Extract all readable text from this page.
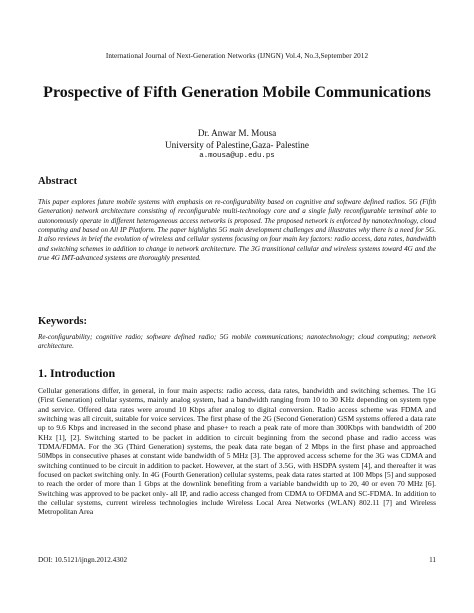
International Journal of Next-Generation Networks (IJNGN) Vol.4, No.3,September 2012
Prospective of Fifth Generation Mobile Communications
Dr. Anwar M. Mousa
University of Palestine,Gaza- Palestine
a.mousa@up.edu.ps
Abstract
This paper explores future mobile systems with emphasis on re-configurability based on cognitive and software defined radios. 5G (Fifth Generation) network architecture consisting of reconfigurable multi-technology core and a single fully reconfigurable terminal able to autonomously operate in different heterogeneous access networks is proposed. The proposed network is enforced by nanotechnology, cloud computing and based on All IP Platform. The paper highlights 5G main development challenges and illustrates why there is a need for 5G. It also reviews in brief the evolution of wireless and cellular systems focusing on four main key factors: radio access, data rates, bandwidth and switching schemes in addition to change in network architecture. The 3G transitional cellular and wireless systems toward 4G and the true 4G IMT-advanced systems are thoroughly presented.
Keywords:
Re-configurability; cognitive radio; software defined radio; 5G mobile communications; nanotechnology; cloud computing; network architecture.
1. Introduction
Cellular generations differ, in general, in four main aspects: radio access, data rates, bandwidth and switching schemes. The 1G (First Generation) cellular systems, mainly analog system, had a bandwidth ranging from 10 to 30 KHz depending on system type and service. Offered data rates were around 10 Kbps after analog to digital conversion. Radio access scheme was FDMA and switching was all circuit, suitable for voice services. The first phase of the 2G (Second Generation) GSM systems offered a data rate up to 9.6 Kbps and increased in the second phase and phase+ to reach a peak rate of more than 300Kbps with bandwidth of 200 KHz [1], [2]. Switching started to be packet in addition to circuit beginning from the second phase and radio access was TDMA/FDMA. For the 3G (Third Generation) systems, the peak data rate began of 2 Mbps in the first phase and approached 50Mbps in consecutive phases at constant wide bandwidth of 5 MHz [3]. The approved access scheme for the 3G was CDMA and switching continued to be circuit in addition to packet. However, at the start of 3.5G, with HSDPA system [4], and thereafter it was focused on packet switching only. In 4G (Fourth Generation) cellular systems, peak data rates started at 100 Mbps [5] and supposed to reach the order of more than 1 Gbps at the downlink benefiting from a variable bandwidth up to 20, 40 or even 70 MHz [6]. Switching was approved to be packet only- all IP, and radio access changed from CDMA to OFDMA and SC-FDMA. In addition to the cellular systems, current wireless technologies include Wireless Local Area Networks (WLAN) 802.11 [7] and Wireless Metropolitan Area
DOI: 10.5121/ijngn.2012.4302	11
